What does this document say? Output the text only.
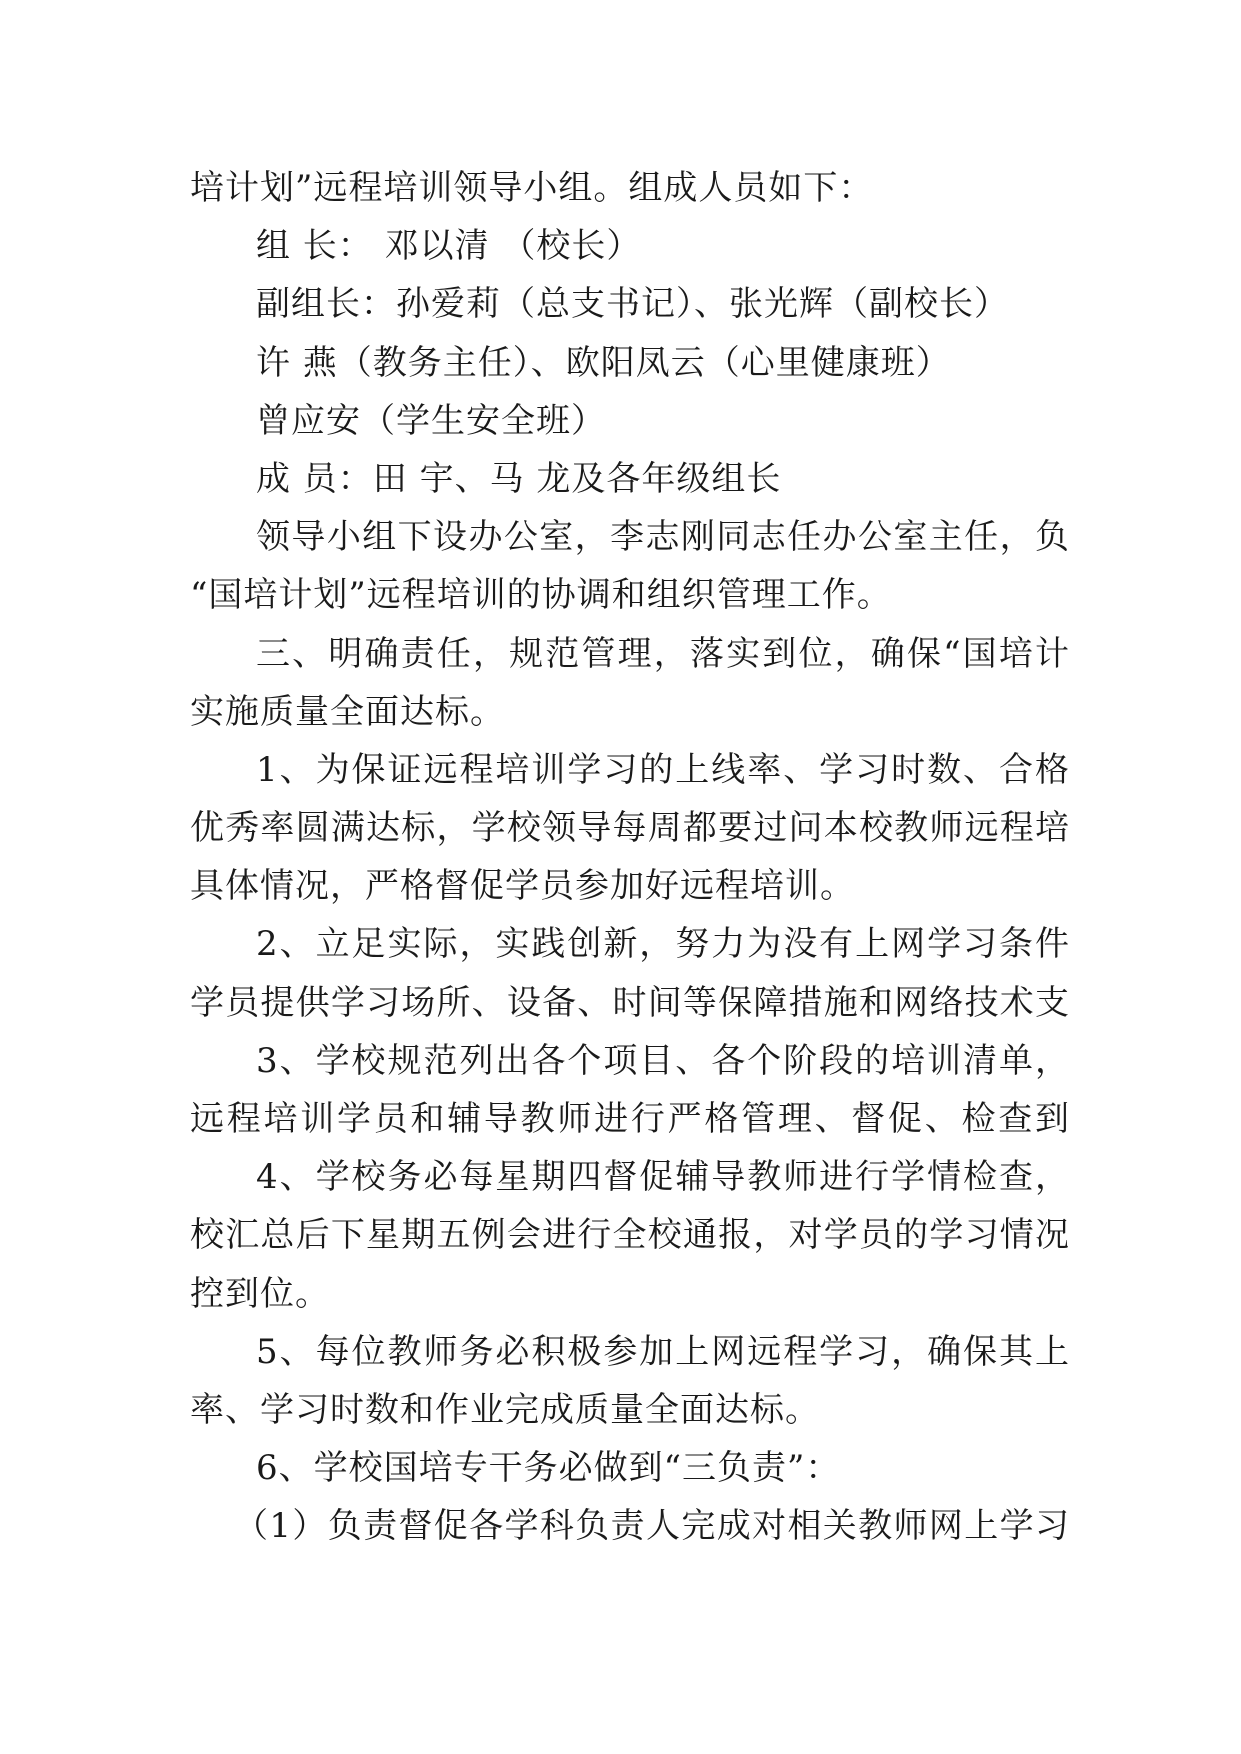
培计划”远程培训领导小组。组成人员如下：
组 长： 邓以清 （校长）
副组长：孙爱莉（总支书记）、张光辉（副校长）
许 燕（教务主任）、欧阳凤云（心里健康班）
曾应安（学生安全班）
成 员：田 宇、马 龙及各年级组长
领导小组下设办公室，李志刚同志任办公室主任，负
“国培计划”远程培训的协调和组织管理工作。
三、明确责任，规范管理，落实到位，确保“国培计
实施质量全面达标。
1、为保证远程培训学习的上线率、学习时数、合格
优秀率圆满达标，学校领导每周都要过问本校教师远程培
具体情况，严格督促学员参加好远程培训。
2、立足实际，实践创新，努力为没有上网学习条件
学员提供学习场所、设备、时间等保障措施和网络技术支
3、学校规范列出各个项目、各个阶段的培训清单，
远程培训学员和辅导教师进行严格管理、督促、检查到
4、学校务必每星期四督促辅导教师进行学情检查，
校汇总后下星期五例会进行全校通报，对学员的学习情况
控到位。
5、每位教师务必积极参加上网远程学习，确保其上
率、学习时数和作业完成质量全面达标。
6、学校国培专干务必做到“三负责”：
（1）负责督促各学科负责人完成对相关教师网上学习
